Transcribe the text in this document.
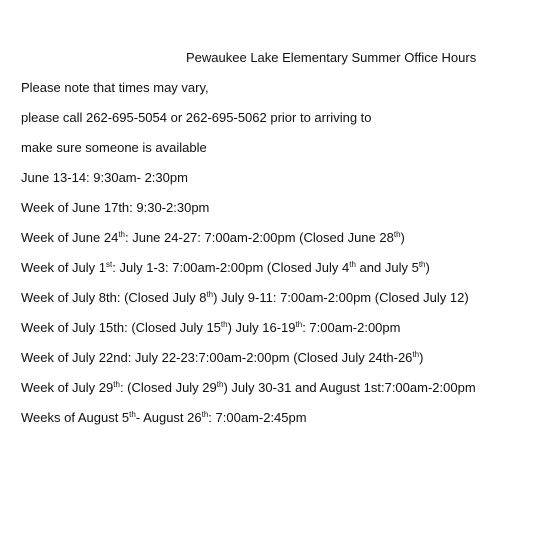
Pewaukee Lake Elementary Summer Office Hours
Please note that times may vary,
please call 262-695-5054 or 262-695-5062 prior to arriving to
make sure someone is available
June 13-14: 9:30am- 2:30pm
Week of June 17th: 9:30-2:30pm
Week of June 24th: June 24-27: 7:00am-2:00pm (Closed June 28th)
Week of July 1st: July 1-3: 7:00am-2:00pm (Closed July 4th and July 5th)
Week of July 8th: (Closed July 8th) July 9-11: 7:00am-2:00pm (Closed July 12)
Week of July 15th: (Closed July 15th) July 16-19th: 7:00am-2:00pm
Week of July 22nd: July 22-23:7:00am-2:00pm (Closed July 24th-26th)
Week of July 29th: (Closed July 29th) July 30-31 and August 1st:7:00am-2:00pm
Weeks of August 5th- August 26th: 7:00am-2:45pm
